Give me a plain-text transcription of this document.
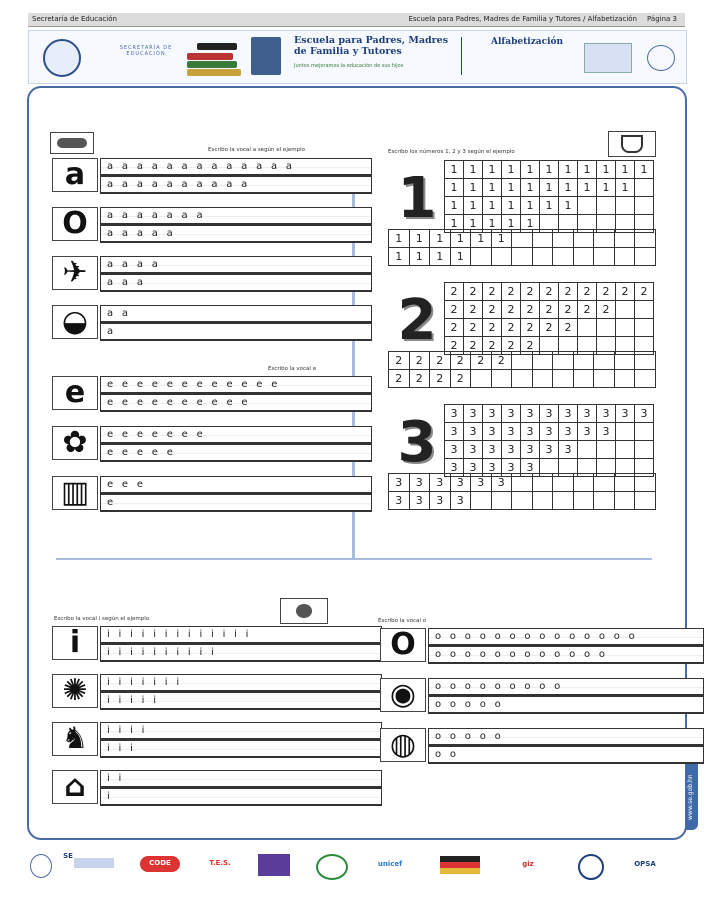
Secretaría de Educación	Escuela para Padres, Madres de Familia y Tutores / Alfabetización Página 3
SECRETARÍA DE EDUCACIÓN
Escuela para Padres, Madres
de Familia y Tutores
Juntos mejoramos la educación de sus hijos
Alfabetización
www.se.gob.hn
Escribo la vocal a según el ejemplo
Escribo la vocal e
a	a a a a a a a a a a a a a
a a a a a a a a a a
O	a a a a a a a
a a a a a
✈	a a a a
a a a
◒	a a
a
e	e e e e e e e e e e e e
e e e e e e e e e e
✿	e e e e e e e
e e e e e
▥	e e e
e
Escribo los números 1, 2 y 3 según el ejemplo
1	1	1	1	1	1	1	1	1	1	1	1
1	1	1	1	1	1	1	1	1	1
1	1	1	1	1	1	1
1	1	1	1	1
1	1	1	1	1	1
1	1	1	1
2	2	2	2	2	2	2	2	2	2	2	2
2	2	2	2	2	2	2	2	2
2	2	2	2	2	2	2
2	2	2	2	2
2	2	2	2	2	2
2	2	2	2
3	3	3	3	3	3	3	3	3	3	3	3
3	3	3	3	3	3	3	3	3
3	3	3	3	3	3	3
3	3	3	3	3
3	3	3	3	3	3
3	3	3	3
Escribo la vocal i según el ejemplo
i	i i i i i i i i i i i i i
i i i i i i i i i i
✺	i i i i i i i
i i i i i
♞	i i i i
i i i
⌂	i i
i
Escribo la vocal o
O	o o o o o o o o o o o o o o
o o o o o o o o o o o o
◉	o o o o o o o o o
o o o o o
◍	o o o o o
o o
SE
CODE	T.E.S.	unicef	giz	OPSA
